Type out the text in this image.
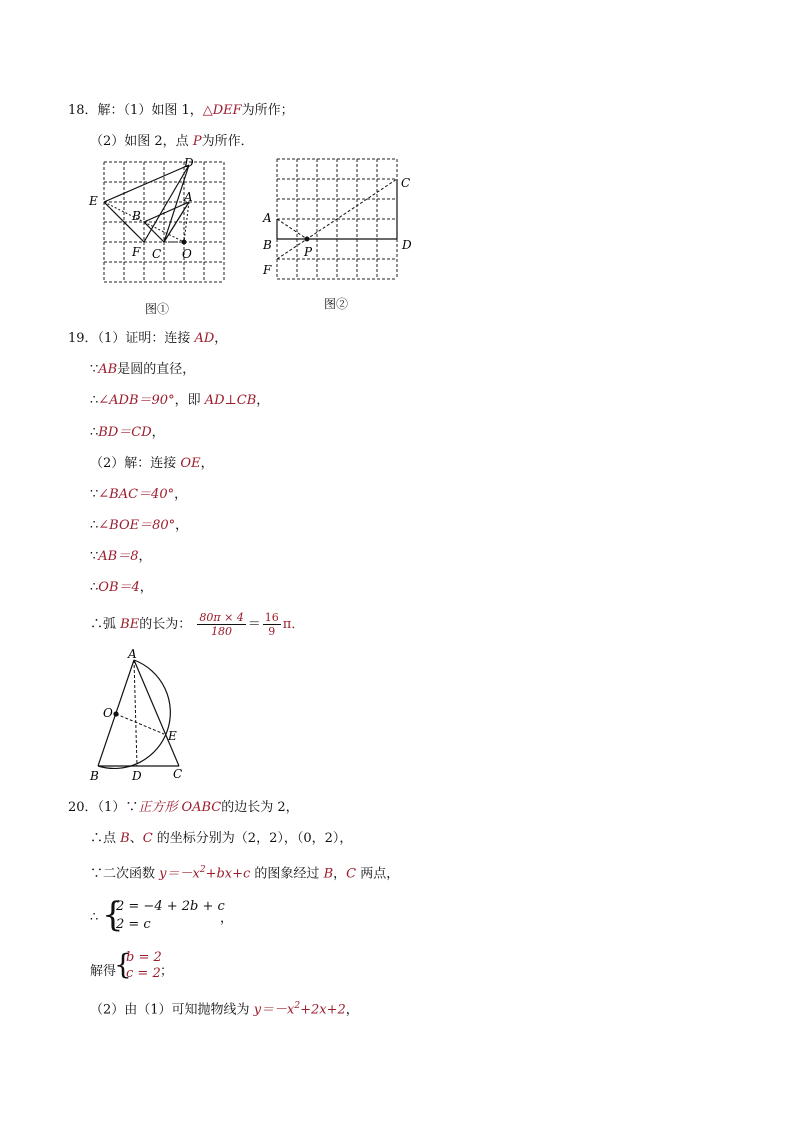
18．解：（1）如图 1，△DEF为所作；
（2）如图 2，点 P为所作．
D
E	A
B
F C O
图①
C
A
B	D
F
P
图②
19．（1）证明：连接 AD，
∵AB是圆的直径，
∴∠ADB＝90°，即 AD⊥CB，
∴BD＝CD，
（2）解：连接 OE，
∵∠BAC＝40°，
∴∠BOE＝80°，
∵AB＝8，
∴OB＝4，
∴弧 BE的长为： $\frac{80\pi \times 4}{180} = \frac{16}{9}$ π．
A
O
E
B	D	C
20．（1）∵正方形 OABC的边长为 2，
∴点 B、C 的坐标分别为（2，2），（0，2），
∵二次函数 $y=-x^2+bx+c$ 的图象经过 B，C 两点，
∴ {
2 = −4 + 2b + c
2 = c	，
解得
{
b = 2
c = 2 ；
（2）由（1）可知抛物线为 $y=-x^2+2x+2$，
